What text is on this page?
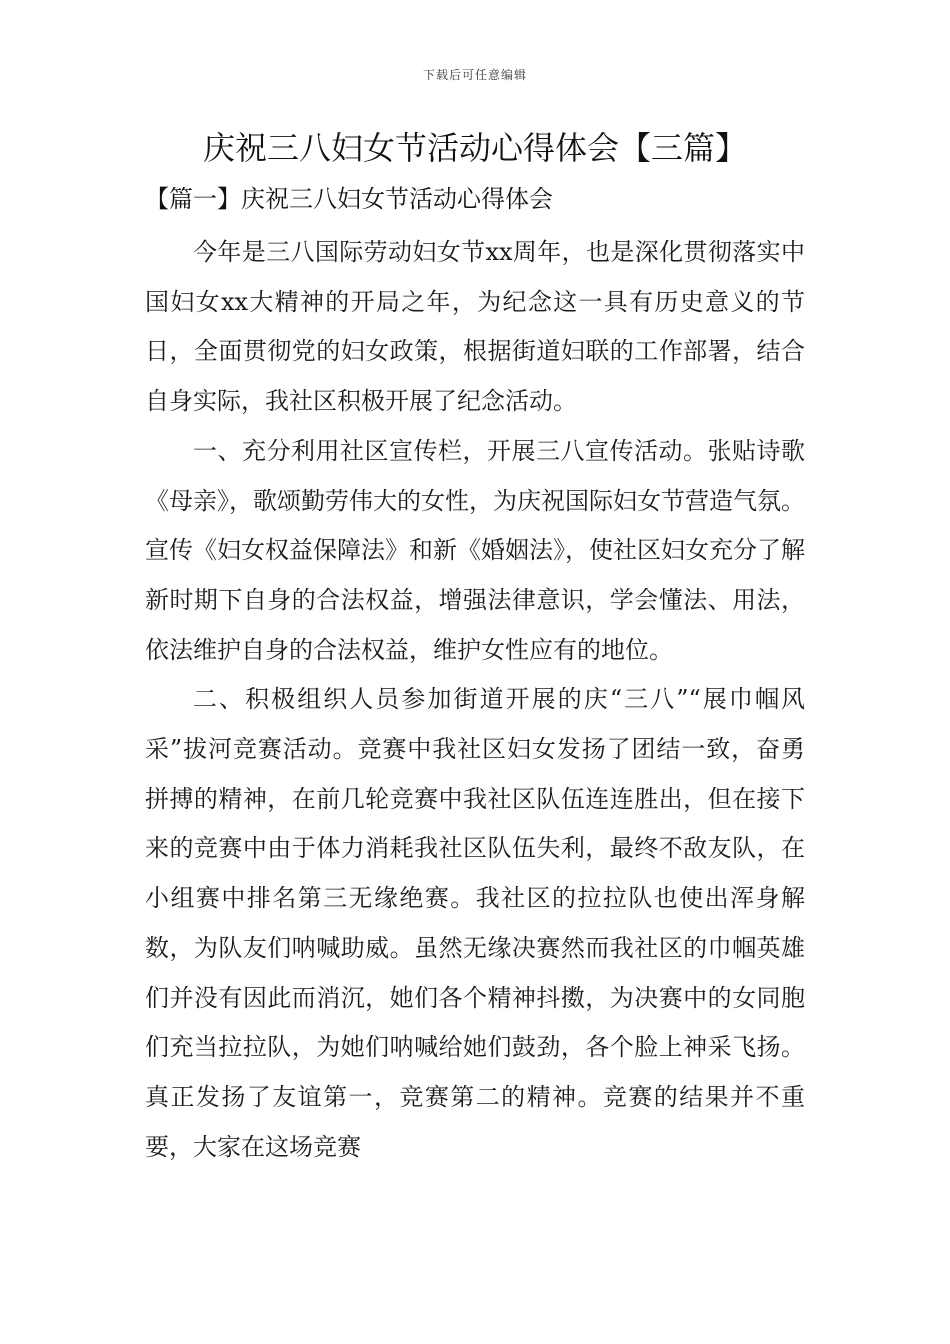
下载后可任意编辑
庆祝三八妇女节活动心得体会【三篇】
【篇一】庆祝三八妇女节活动心得体会

今年是三八国际劳动妇女节xx周年，也是深化贯彻落实中国妇女xx大精神的开局之年，为纪念这一具有历史意义的节日，全面贯彻党的妇女政策，根据街道妇联的工作部署，结合自身实际，我社区积极开展了纪念活动。

一、充分利用社区宣传栏，开展三八宣传活动。张贴诗歌《母亲》，歌颂勤劳伟大的女性，为庆祝国际妇女节营造气氛。宣传《妇女权益保障法》和新《婚姻法》，使社区妇女充分了解新时期下自身的合法权益，增强法律意识，学会懂法、用法，依法维护自身的合法权益，维护女性应有的地位。

二、积极组织人员参加街道开展的庆“三八”“展巾帼风采”拔河竞赛活动。竞赛中我社区妇女发扬了团结一致，奋勇拼搏的精神，在前几轮竞赛中我社区队伍连连胜出，但在接下来的竞赛中由于体力消耗我社区队伍失利，最终不敌友队，在小组赛中排名第三无缘绝赛。我社区的拉拉队也使出浑身解数，为队友们呐喊助威。虽然无缘决赛然而我社区的巾帼英雄们并没有因此而消沉，她们各个精神抖擞，为决赛中的女同胞们充当拉拉队，为她们呐喊给她们鼓劲，各个脸上神采飞扬。真正发扬了友谊第一，竞赛第二的精神。竞赛的结果并不重要，大家在这场竞赛
